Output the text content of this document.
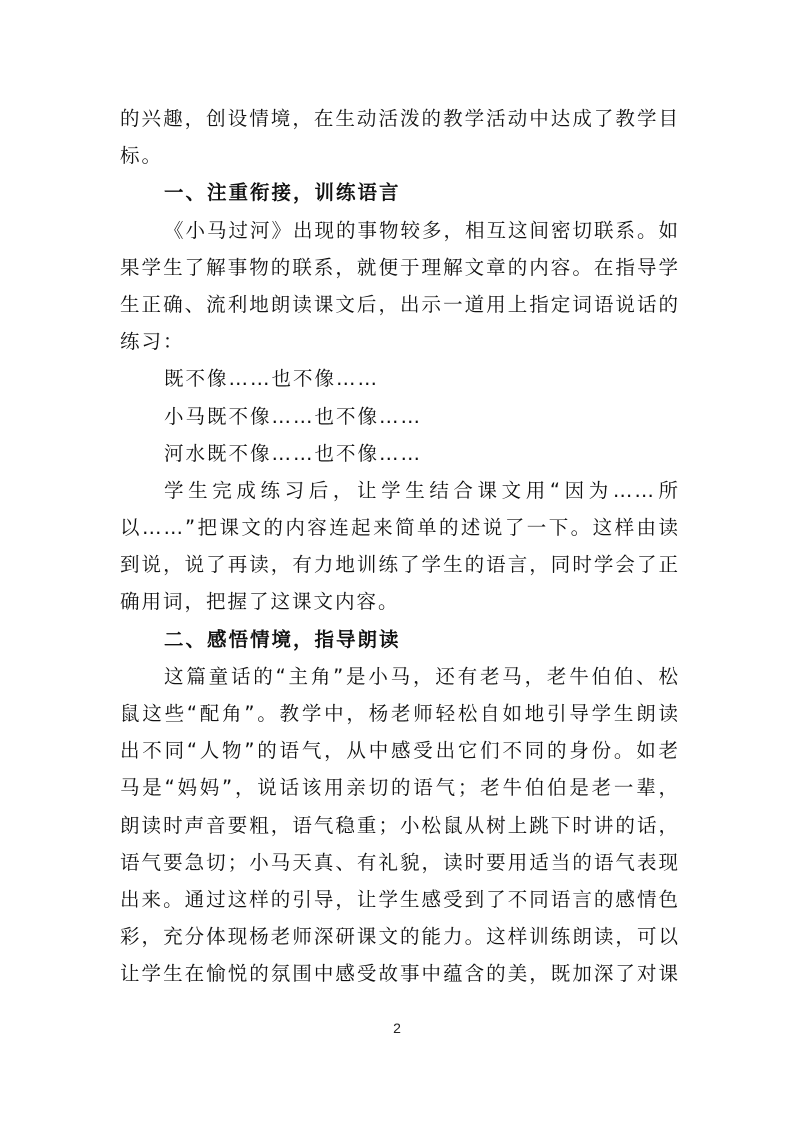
的兴趣，创设情境，在生动活泼的教学活动中达成了教学目
标。
一、注重衔接，训练语言
《小马过河》出现的事物较多，相互这间密切联系。如
果学生了解事物的联系，就便于理解文章的内容。在指导学
生正确、流利地朗读课文后，出示一道用上指定词语说话的
练习：
既不像……也不像……
小马既不像……也不像……
河水既不像……也不像……
学生完成练习后，让学生结合课文用“因为……所
以……”把课文的内容连起来简单的述说了一下。这样由读
到说，说了再读，有力地训练了学生的语言，同时学会了正
确用词，把握了这课文内容。
二、感悟情境，指导朗读
这篇童话的“主角”是小马，还有老马，老牛伯伯、松
鼠这些“配角”。教学中，杨老师轻松自如地引导学生朗读
出不同“人物”的语气，从中感受出它们不同的身份。如老
马是“妈妈”，说话该用亲切的语气；老牛伯伯是老一辈，
朗读时声音要粗，语气稳重；小松鼠从树上跳下时讲的话，
语气要急切；小马天真、有礼貌，读时要用适当的语气表现
出来。通过这样的引导，让学生感受到了不同语言的感情色
彩，充分体现杨老师深研课文的能力。这样训练朗读，可以
让学生在愉悦的氛围中感受故事中蕴含的美，既加深了对课
2
